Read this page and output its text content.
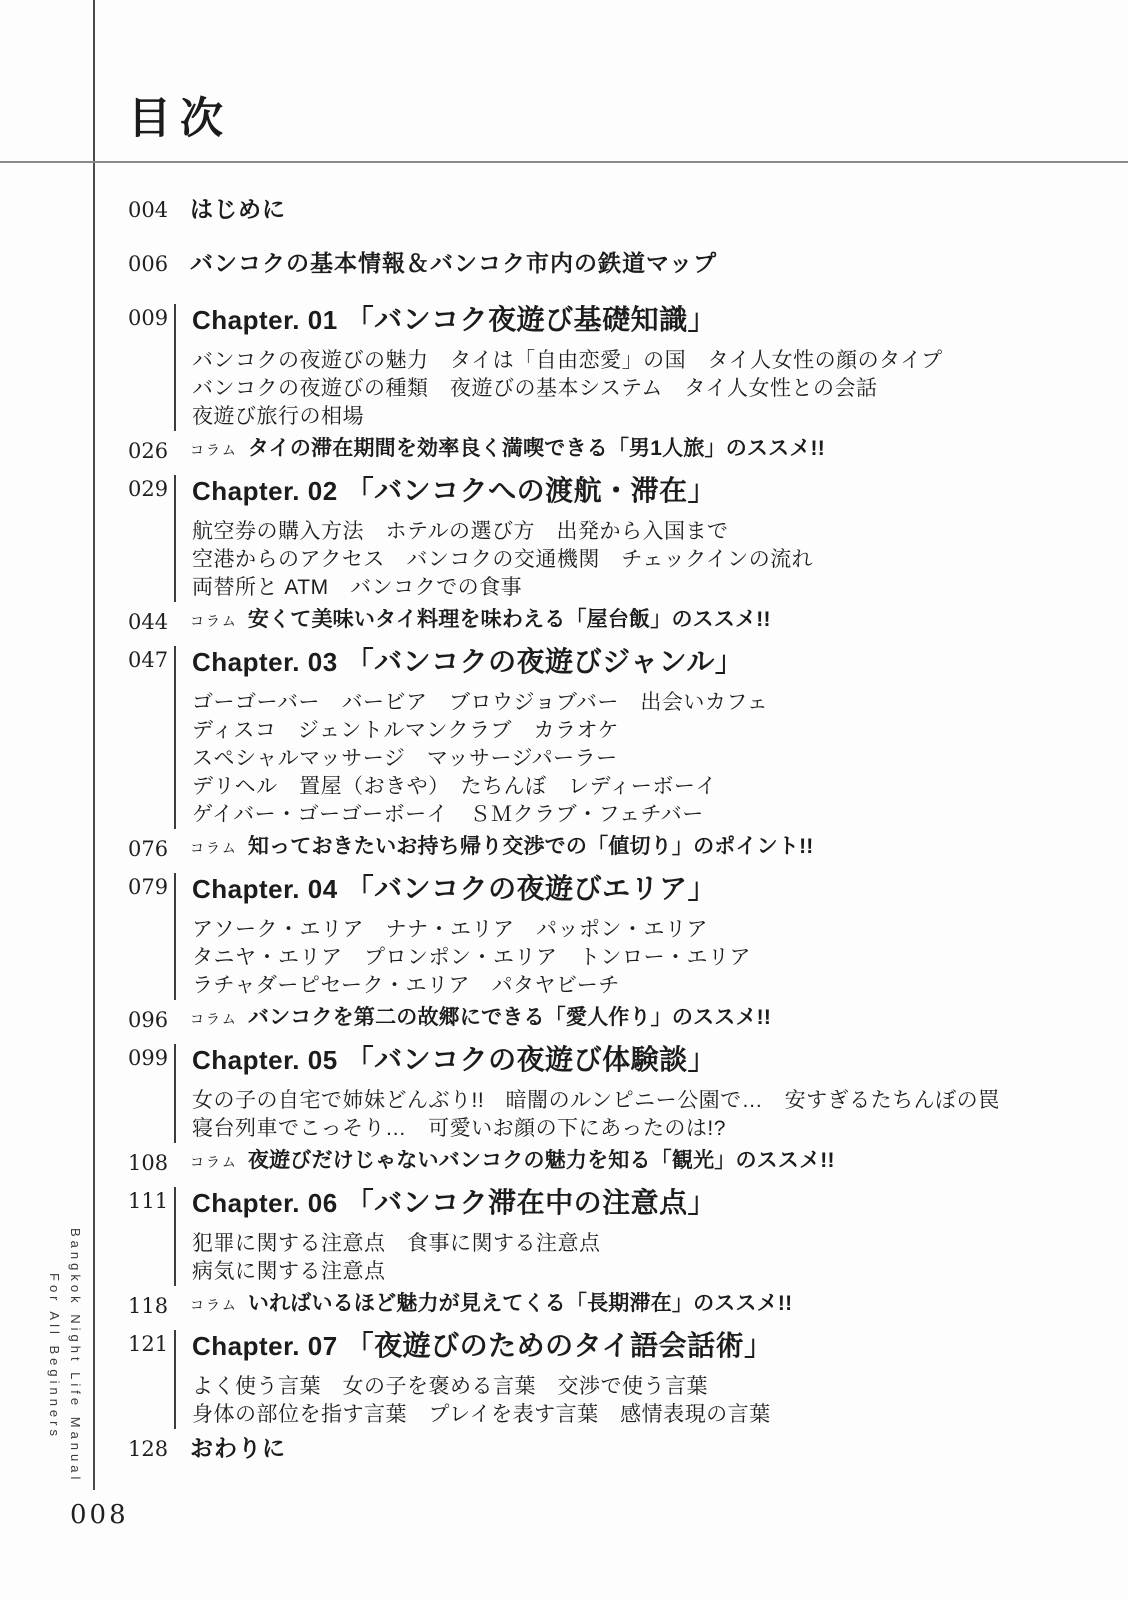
目次
004 はじめに
006 バンコクの基本情報＆バンコク市内の鉄道マップ
009 Chapter. 01 「バンコク夜遊び基礎知識」
バンコクの夜遊びの魅力　タイは「自由恋愛」の国　タイ人女性の顔のタイプ
バンコクの夜遊びの種類　夜遊びの基本システム　タイ人女性との会話
夜遊び旅行の相場
026	コラム タイの滞在期間を効率良く満喫できる「男1人旅」のススメ!!
029 Chapter. 02 「バンコクへの渡航・滞在」
航空券の購入方法　ホテルの選び方　出発から入国まで
空港からのアクセス　バンコクの交通機関　チェックインの流れ
両替所と ATM　バンコクでの食事
044	コラム 安くて美味いタイ料理を味わえる「屋台飯」のススメ!!
047 Chapter. 03 「バンコクの夜遊びジャンル」
ゴーゴーバー　バービア　ブロウジョブバー　出会いカフェ
ディスコ　ジェントルマンクラブ　カラオケ
スペシャルマッサージ　マッサージパーラー
デリヘル　置屋（おきや）　たちんぼ　レディーボーイ
ゲイバー・ゴーゴーボーイ　ＳＭクラブ・フェチバー
076	コラム 知っておきたいお持ち帰り交渉での「値切り」のポイント!!
079 Chapter. 04 「バンコクの夜遊びエリア」
アソーク・エリア　ナナ・エリア　パッポン・エリア
タニヤ・エリア　プロンポン・エリア　トンロー・エリア
ラチャダーピセーク・エリア　パタヤビーチ
096	コラム バンコクを第二の故郷にできる「愛人作り」のススメ!!
099 Chapter. 05 「バンコクの夜遊び体験談」
女の子の自宅で姉妹どんぶり!!　暗闇のルンピニー公園で…　安すぎるたちんぼの罠
寝台列車でこっそり…　可愛いお顔の下にあったのは!?
108	コラム 夜遊びだけじゃないバンコクの魅力を知る「観光」のススメ!!
111 Chapter. 06 「バンコク滞在中の注意点」
犯罪に関する注意点　食事に関する注意点
病気に関する注意点
118	コラム いればいるほど魅力が見えてくる「長期滞在」のススメ!!
121 Chapter. 07 「夜遊びのためのタイ語会話術」
よく使う言葉　女の子を褒める言葉　交渉で使う言葉
身体の部位を指す言葉　プレイを表す言葉　感情表現の言葉
128 おわりに
Bangkok Night Life Manual
For All Beginners
008
